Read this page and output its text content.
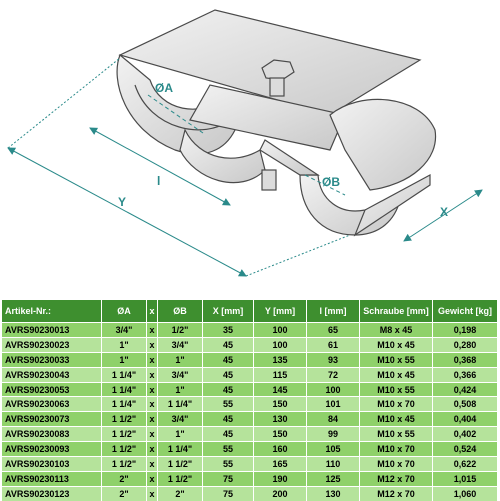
ØA
ØB
l
Y
X
Artikel-Nr.:	ØA	x	ØB	X [mm]	Y [mm]	l [mm]	Schraube [mm]	Gewicht [kg]
AVRS90230013	3/4"	x	1/2"	35	100	65	M8 x 45	0,198
AVRS90230023	1"	x	3/4"	45	100	61	M10 x 45	0,280
AVRS90230033	1"	x	1"	45	135	93	M10 x 55	0,368
AVRS90230043	1 1/4"	x	3/4"	45	115	72	M10 x 45	0,366
AVRS90230053	1 1/4"	x	1"	45	145	100	M10 x 55	0,424
AVRS90230063	1 1/4"	x	1 1/4"	55	150	101	M10 x 70	0,508
AVRS90230073	1 1/2"	x	3/4"	45	130	84	M10 x 45	0,404
AVRS90230083	1 1/2"	x	1"	45	150	99	M10 x 55	0,402
AVRS90230093	1 1/2"	x	1 1/4"	55	160	105	M10 x 70	0,524
AVRS90230103	1 1/2"	x	1 1/2"	55	165	110	M10 x 70	0,622
AVRS90230113	2"	x	1 1/2"	75	190	125	M12 x 70	1,015
AVRS90230123	2"	x	2"	75	200	130	M12 x 70	1,060
